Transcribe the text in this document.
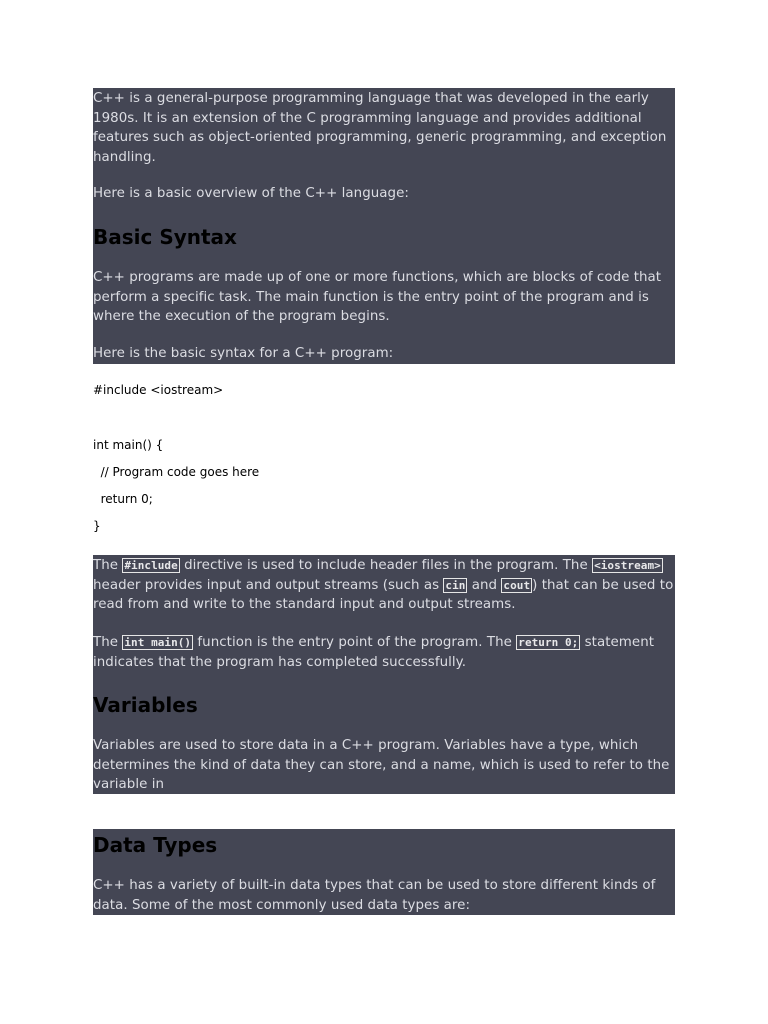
C++ is a general-purpose programming language that was developed in the early 1980s. It is an extension of the C programming language and provides additional features such as object-oriented programming, generic programming, and exception handling.

Here is a basic overview of the C++ language:

Basic Syntax

C++ programs are made up of one or more functions, which are blocks of code that perform a specific task. The main function is the entry point of the program and is where the execution of the program begins.

Here is the basic syntax for a C++ program:

#include <iostream>
int main() {
// Program code goes here
return 0;
}

The #include directive is used to include header files in the program. The <iostream> header provides input and output streams (such as cin and cout ) that can be used to read from and write to the standard input and output streams.

The int main() function is the entry point of the program. The return 0; statement indicates that the program has completed successfully.

Variables

Variables are used to store data in a C++ program. Variables have a type, which determines the kind of data they can store, and a name, which is used to refer to the variable in

Data Types

C++ has a variety of built-in data types that can be used to store different kinds of data. Some of the most commonly used data types are:
